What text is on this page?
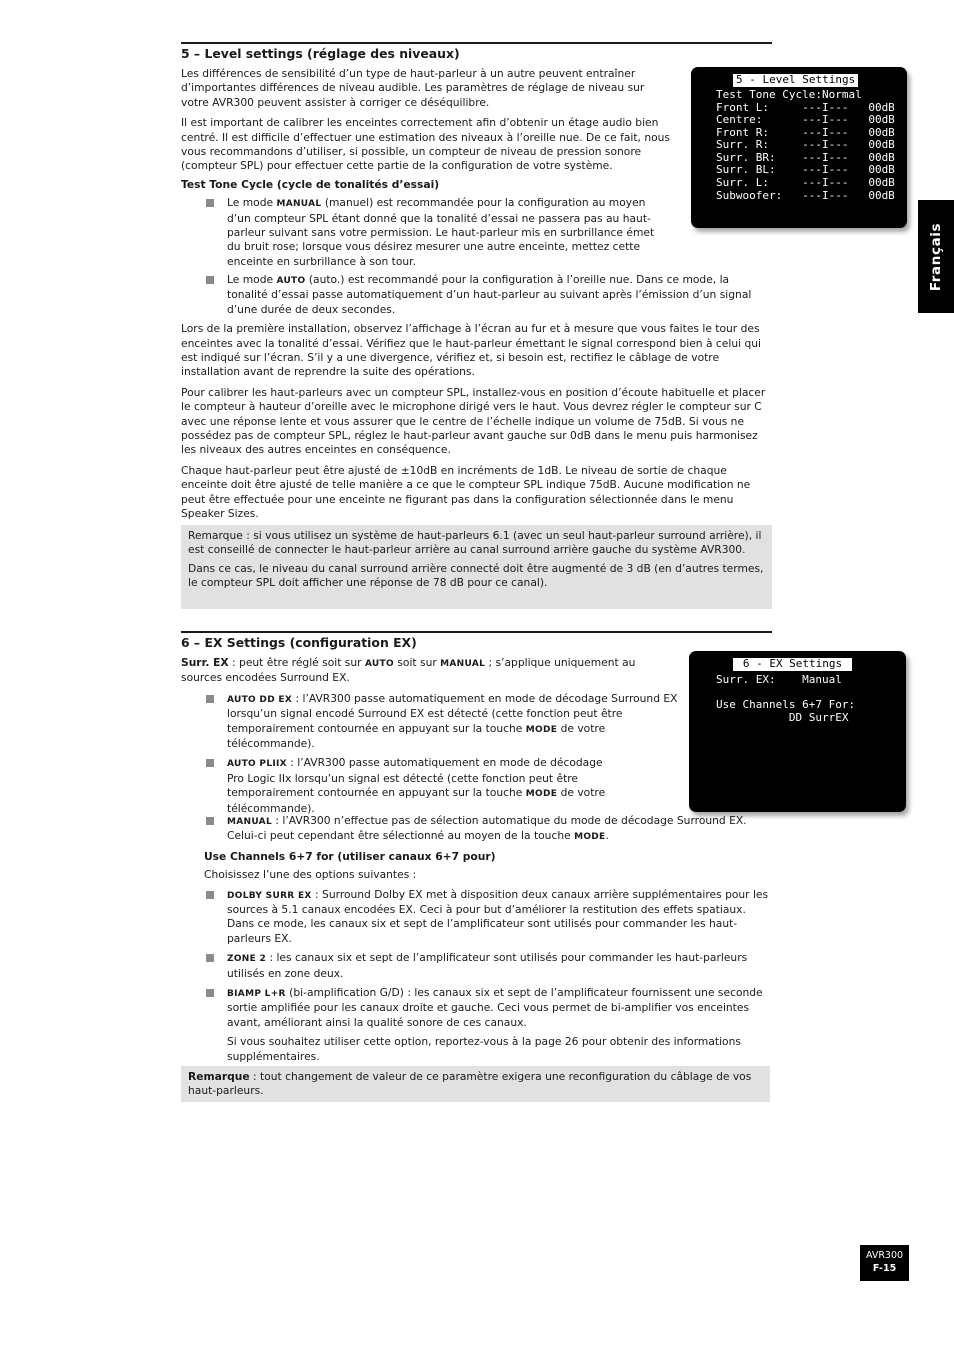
5 – Level settings (réglage des niveaux)

Les différences de sensibilité d’un type de haut-parleur à un autre peuvent entraîner d’importantes différences de niveau audible. Les paramètres de réglage de niveau sur votre AVR300 peuvent assister à corriger ce déséquilibre.

Il est important de calibrer les enceintes correctement afin d’obtenir un étage audio bien centré. Il est difficile d’effectuer une estimation des niveaux à l’oreille nue. De ce fait, nous vous recommandons d’utiliser, si possible, un compteur de niveau de pression sonore (compteur SPL) pour effectuer cette partie de la configuration de votre système.

Test Tone Cycle (cycle de tonalités d’essai)

Le mode MANUAL (manuel) est recommandée pour la configuration au moyen d’un compteur SPL étant donné que la tonalité d’essai ne passera pas au haut-parleur suivant sans votre permission. Le haut-parleur mis en surbrillance émet du bruit rose; lorsque vous désirez mesurer une autre enceinte, mettez cette enceinte en surbrillance à son tour.
Le mode AUTO (auto.) est recommandé pour la configuration à l’oreille nue. Dans ce mode, la tonalité d’essai passe automatiquement d’un haut-parleur au suivant après l’émission d’un signal d’une durée de deux secondes.

Lors de la première installation, observez l’affichage à l’écran au fur et à mesure que vous faites le tour des enceintes avec la tonalité d’essai. Vérifiez que le haut-parleur émettant le signal correspond bien à celui qui est indiqué sur l’écran. S’il y a une divergence, vérifiez et, si besoin est, rectifiez le câblage de votre installation avant de reprendre la suite des opérations.

Pour calibrer les haut-parleurs avec un compteur SPL, installez-vous en position d’écoute habituelle et placer le compteur à hauteur d’oreille avec le microphone dirigé vers le haut. Vous devrez régler le compteur sur C avec une réponse lente et vous assurer que le centre de l’échelle indique un volume de 75dB. Si vous ne possédez pas de compteur SPL, réglez le haut-parleur avant gauche sur 0dB dans le menu puis harmonisez les niveaux des autres enceintes en conséquence.

Chaque haut-parleur peut être ajusté de ±10dB en incréments de 1dB. Le niveau de sortie de chaque enceinte doit être ajusté de telle manière a ce que le compteur SPL indique 75dB. Aucune modification ne peut être effectuée pour une enceinte ne figurant pas dans la configuration sélectionnée dans le menu Speaker Sizes.

Remarque : si vous utilisez un système de haut-parleurs 6.1 (avec un seul haut-parleur surround arrière), il est conseillé de connecter le haut-parleur arrière au canal surround arrière gauche du système AVR300.

Dans ce cas, le niveau du canal surround arrière connecté doit être augmenté de 3 dB (en d’autres termes, le compteur SPL doit afficher une réponse de 78 dB pour ce canal).

5 - Level Settings
Test Tone Cycle:Normal
Front L:     ---I---   00dB
Centre:      ---I---   00dB
Front R:     ---I---   00dB
Surr. R:     ---I---   00dB
Surr. BR:    ---I---   00dB
Surr. BL:    ---I---   00dB
Surr. L:     ---I---   00dB
Subwoofer:   ---I---   00dB
6 – EX Settings (configuration EX)

Surr. EX : peut être réglé soit sur AUTO soit sur MANUAL ; s’applique uniquement au sources encodées Surround EX.

AUTO DD EX : l’AVR300 passe automatiquement en mode de décodage Surround EX lorsqu’un signal encodé Surround EX est détecté (cette fonction peut être temporairement contournée en appuyant sur la touche MODE de votre télécommande).
AUTO PLIIX : l’AVR300 passe automatiquement en mode de décodage Pro Logic IIx lorsqu’un signal est détecté (cette fonction peut être temporairement contournée en appuyant sur la touche MODE de votre télécommande).
MANUAL : l’AVR300 n’effectue pas de sélection automatique du mode de décodage Surround EX. Celui-ci peut cependant être sélectionné au moyen de la touche MODE.

Use Channels 6+7 for (utiliser canaux 6+7 pour)

Choisissez l’une des options suivantes :

DOLBY SURR EX : Surround Dolby EX met à disposition deux canaux arrière supplémentaires pour les sources à 5.1 canaux encodées EX. Ceci à pour but d’améliorer la restitution des effets spatiaux. Dans ce mode, les canaux six et sept de l’amplificateur sont utilisés pour commander les haut-parleurs EX.
ZONE 2 : les canaux six et sept de l’amplificateur sont utilisés pour commander les haut-parleurs utilisés en zone deux.
BIAMP L+R (bi-amplification G/D) : les canaux six et sept de l’amplificateur fournissent une seconde sortie amplifiée pour les canaux droite et gauche. Ceci vous permet de bi-amplifier vos enceintes avant, améliorant ainsi la qualité sonore de ces canaux.

Si vous souhaitez utiliser cette option, reportez-vous à la page 26 pour obtenir des informations supplémentaires.

Remarque : tout changement de valeur de ce paramètre exigera une reconfiguration du câblage de vos haut-parleurs.

6 - EX Settings
Surr. EX:    Manual
Use Channels 6+7 For:
DD SurrEX
Français
AVR300
F-15
